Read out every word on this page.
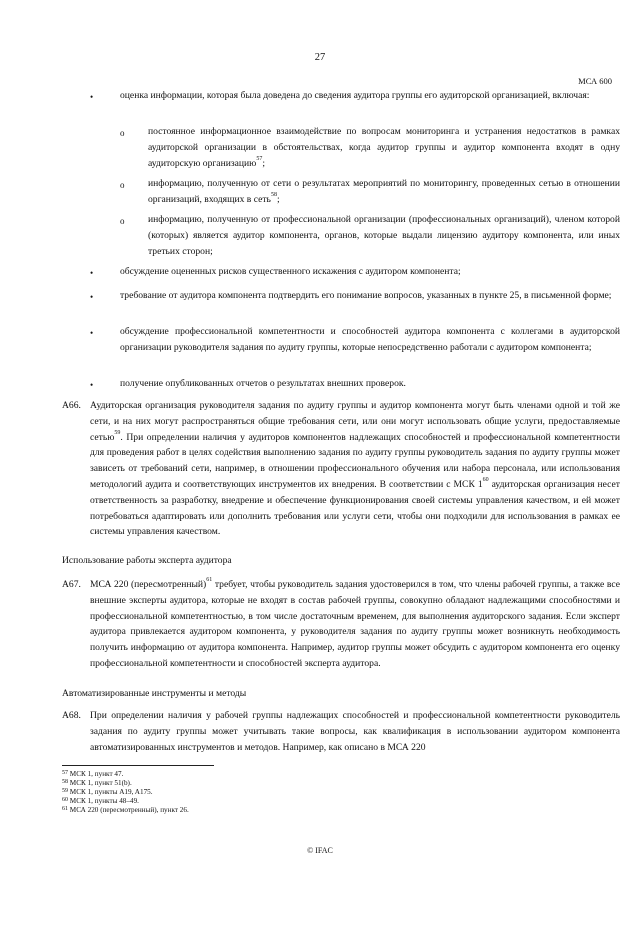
27
МСА 600
•	оценка информации, которая была доведена до сведения аудитора группы его аудиторской организацией, включая:
o постоянное информационное взаимодействие по вопросам мониторинга и устранения недостатков в рамках аудиторской организации в обстоятельствах, когда аудитор группы и аудитор компонента входят в одну аудиторскую организацию$^{57}$;
o информацию, полученную от сети о результатах мероприятий по мониторингу, проведенных сетью в отношении организаций, входящих в сеть$^{58}$;
o информацию, полученную от профессиональной организации (профессиональных организаций), членом которой (которых) является аудитор компонента, органов, которые выдали лицензию аудитору компонента, или иных третьих сторон;
•	обсуждение оцененных рисков существенного искажения с аудитором компонента;
•	требование от аудитора компонента подтвердить его понимание вопросов, указанных в пункте 25, в письменной форме;
•	обсуждение профессиональной компетентности и способностей аудитора компонента с коллегами в аудиторской организации руководителя задания по аудиту группы, которые непосредственно работали с аудитором компонента;
•	получение опубликованных отчетов о результатах внешних проверок.
A66. Аудиторская организация руководителя задания по аудиту группы и аудитор компонента могут быть членами одной и той же сети, и на них могут распространяться общие требования сети, или они могут использовать общие услуги, предоставляемые сетью$^{59}$. При определении наличия у аудиторов компонентов надлежащих способностей и профессиональной компетентности для проведения работ в целях содействия выполнению задания по аудиту группы руководитель задания по аудиту группы может зависеть от требований сети, например, в отношении профессионального обучения или набора персонала, или использования методологий аудита и соответствующих инструментов их внедрения. В соответствии с МСК $1^{60}$ аудиторская организация несет ответственность за разработку, внедрение и обеспечение функционирования своей системы управления качеством, и ей может потребоваться адаптировать или дополнить требования или услуги сети, чтобы они подходили для использования в рамках ее системы управления качеством.
Использование работы эксперта аудитора
A67. МСА 220 (пересмотренный)$^{61}$ требует, чтобы руководитель задания удостоверился в том, что члены рабочей группы, а также все внешние эксперты аудитора, которые не входят в состав рабочей группы, совокупно обладают надлежащими способностями и профессиональной компетентностью, в том числе достаточным временем, для выполнения аудиторского задания. Если эксперт аудитора привлекается аудитором компонента, у руководителя задания по аудиту группы может возникнуть необходимость получить информацию от аудитора компонента. Например, аудитор группы может обсудить с аудитором компонента его оценку профессиональной компетентности и способностей эксперта аудитора.
Автоматизированные инструменты и методы
A68. При определении наличия у рабочей группы надлежащих способностей и профессиональной компетентности руководитель задания по аудиту группы может учитывать такие вопросы, как квалификация в использовании аудитором компонента автоматизированных инструментов и методов. Например, как описано в МСА 220
$^{57}$ МСК 1, пункт 47.
$^{58}$ МСК 1, пункт 51(b).
$^{59}$ МСК 1, пункты A19, A175.
$^{60}$ МСК 1, пункты 48–49.
$^{61}$ МСА 220 (пересмотренный), пункт 26.
© IFAC
